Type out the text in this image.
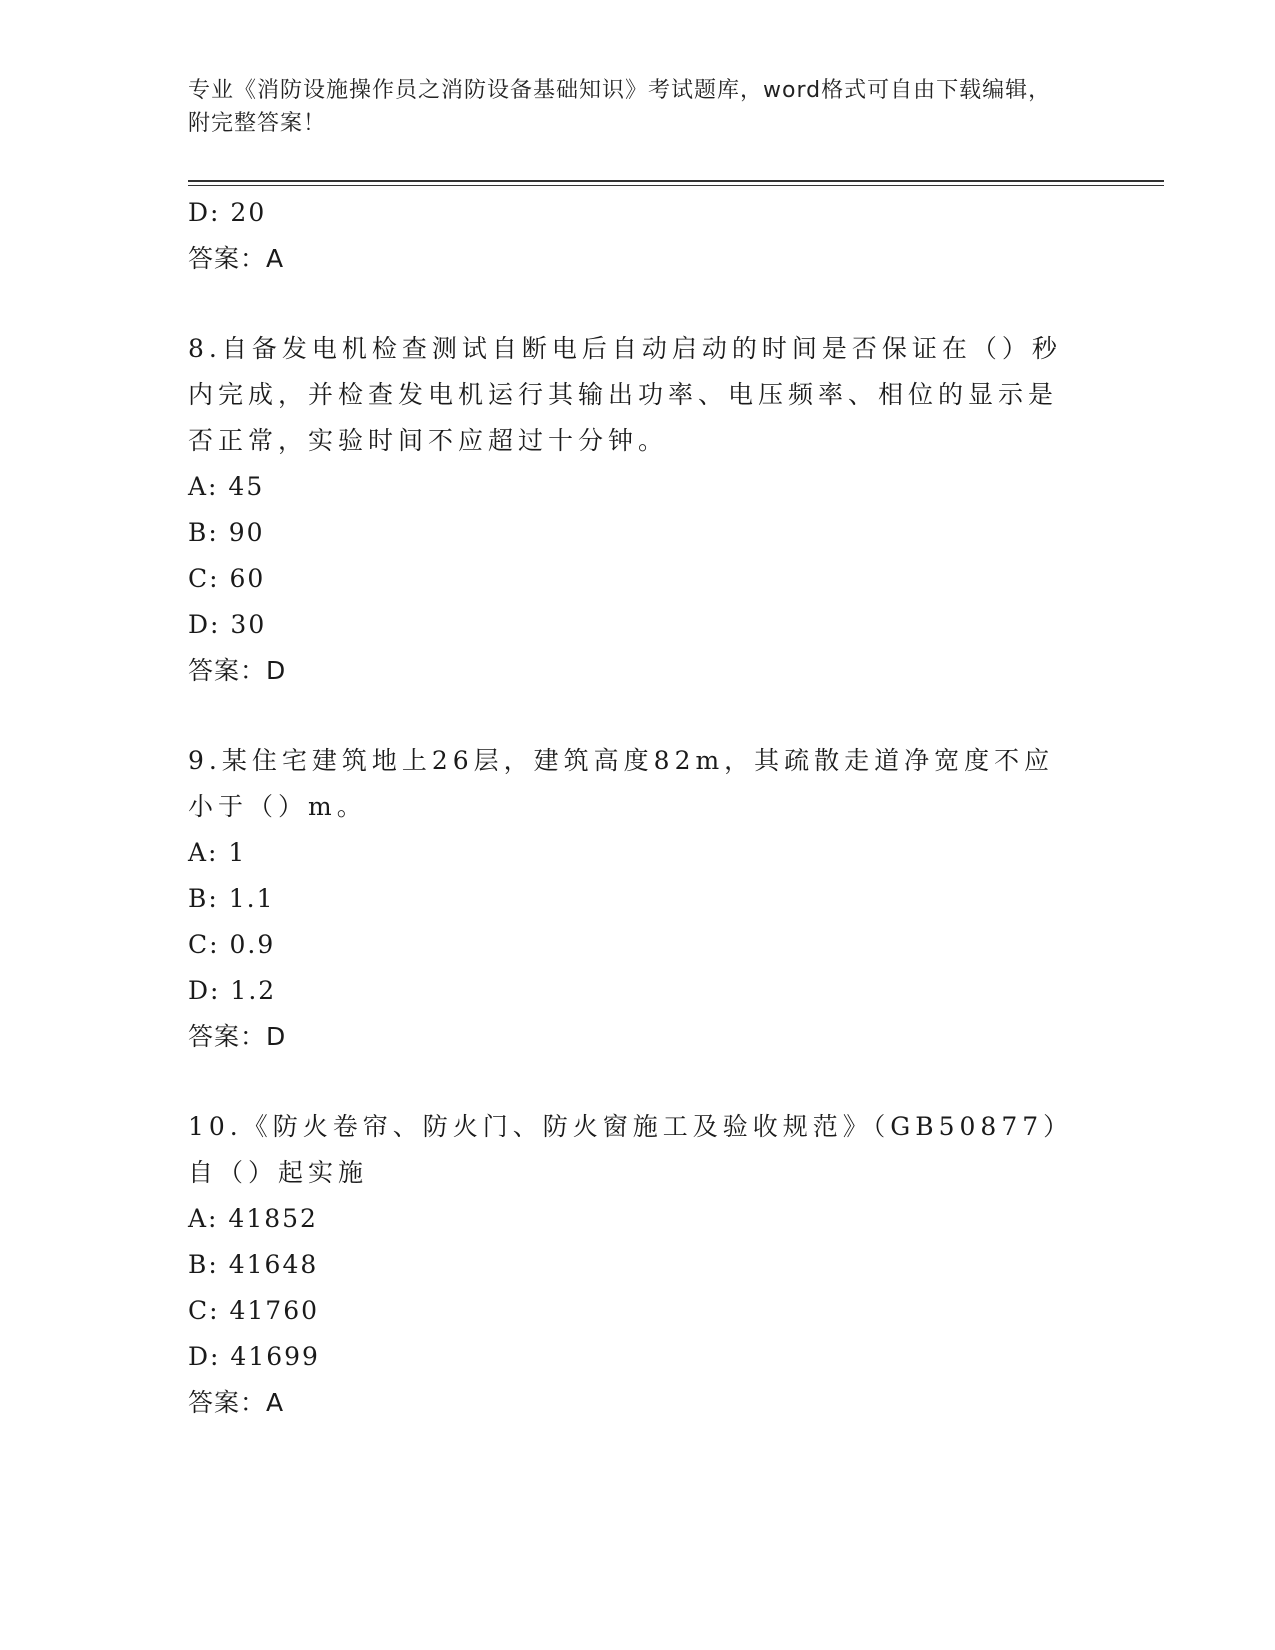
专业《消防设施操作员之消防设备基础知识》考试题库，word格式可自由下载编辑，附完整答案！
D: 20
答案：A
8.自备发电机检查测试自断电后自动启动的时间是否保证在（）秒内完成，并检查发电机运行其输出功率、电压频率、相位的显示是否正常，实验时间不应超过十分钟。
A: 45
B: 90
C: 60
D: 30
答案：D
9.某住宅建筑地上26层，建筑高度82m，其疏散走道净宽度不应小于（）m。
A: 1
B: 1.1
C: 0.9
D: 1.2
答案：D
10.《防火卷帘、防火门、防火窗施工及验收规范》（GB50877）自（）起实施
A: 41852
B: 41648
C: 41760
D: 41699
答案：A
